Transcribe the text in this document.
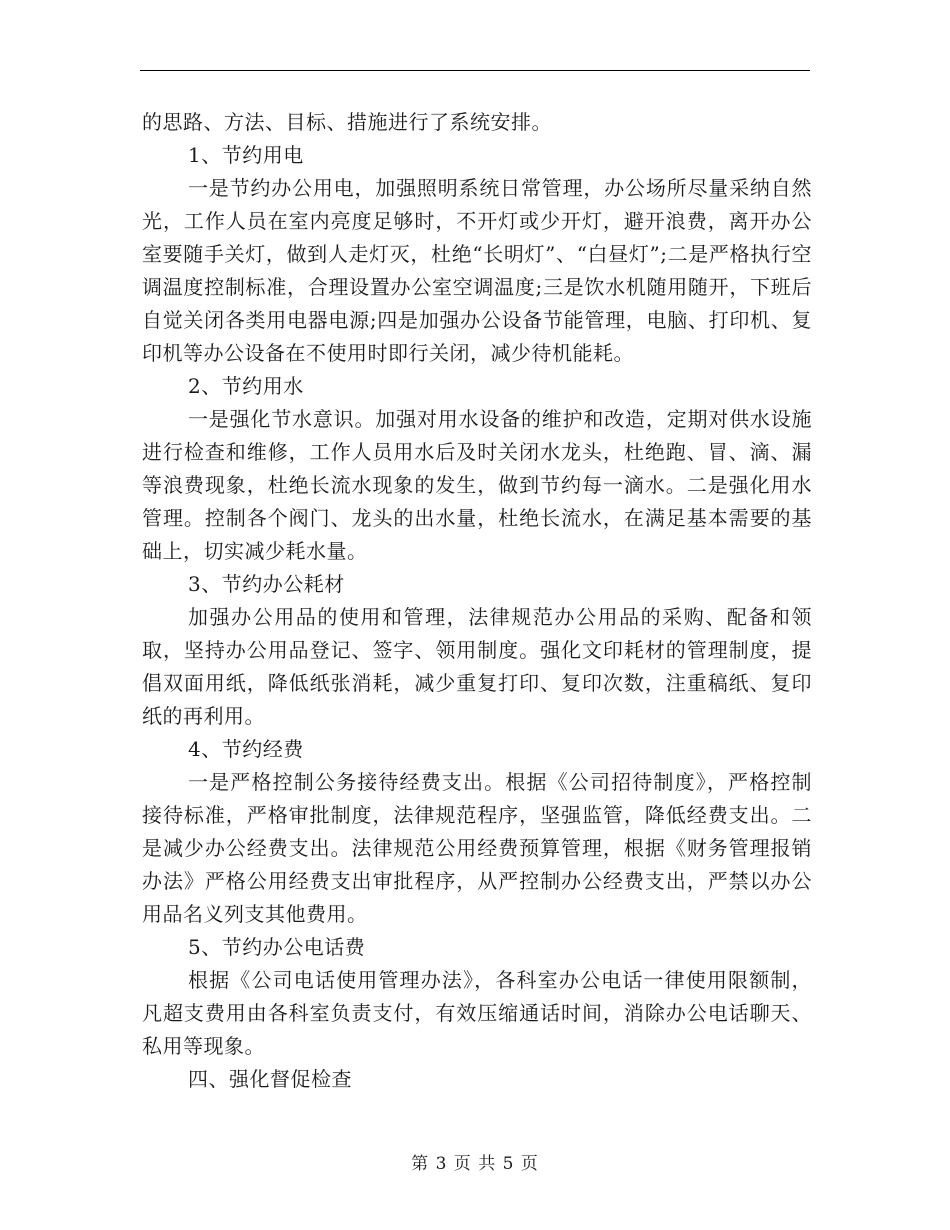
的思路、方法、目标、措施进行了系统安排。

1、节约用电

一是节约办公用电，加强照明系统日常管理，办公场所尽量采纳自然光，工作人员在室内亮度足够时，不开灯或少开灯，避开浪费，离开办公室要随手关灯，做到人走灯灭，杜绝“长明灯”、“白昼灯”;二是严格执行空调温度控制标准，合理设置办公室空调温度;三是饮水机随用随开，下班后自觉关闭各类用电器电源;四是加强办公设备节能管理，电脑、打印机、复印机等办公设备在不使用时即行关闭，减少待机能耗。

2、节约用水

一是强化节水意识。加强对用水设备的维护和改造，定期对供水设施进行检查和维修，工作人员用水后及时关闭水龙头，杜绝跑、冒、滴、漏等浪费现象，杜绝长流水现象的发生，做到节约每一滴水。二是强化用水管理。控制各个阀门、龙头的出水量，杜绝长流水，在满足基本需要的基础上，切实减少耗水量。

3、节约办公耗材

加强办公用品的使用和管理，法律规范办公用品的采购、配备和领取，坚持办公用品登记、签字、领用制度。强化文印耗材的管理制度，提倡双面用纸，降低纸张消耗，减少重复打印、复印次数，注重稿纸、复印纸的再利用。

4、节约经费

一是严格控制公务接待经费支出。根据《公司招待制度》，严格控制接待标准，严格审批制度，法律规范程序，坚强监管，降低经费支出。二是减少办公经费支出。法律规范公用经费预算管理，根据《财务管理报销办法》严格公用经费支出审批程序，从严控制办公经费支出，严禁以办公用品名义列支其他费用。

5、节约办公电话费

根据《公司电话使用管理办法》，各科室办公电话一律使用限额制，凡超支费用由各科室负责支付，有效压缩通话时间，消除办公电话聊天、私用等现象。

四、强化督促检查

第 3 页 共 5 页
